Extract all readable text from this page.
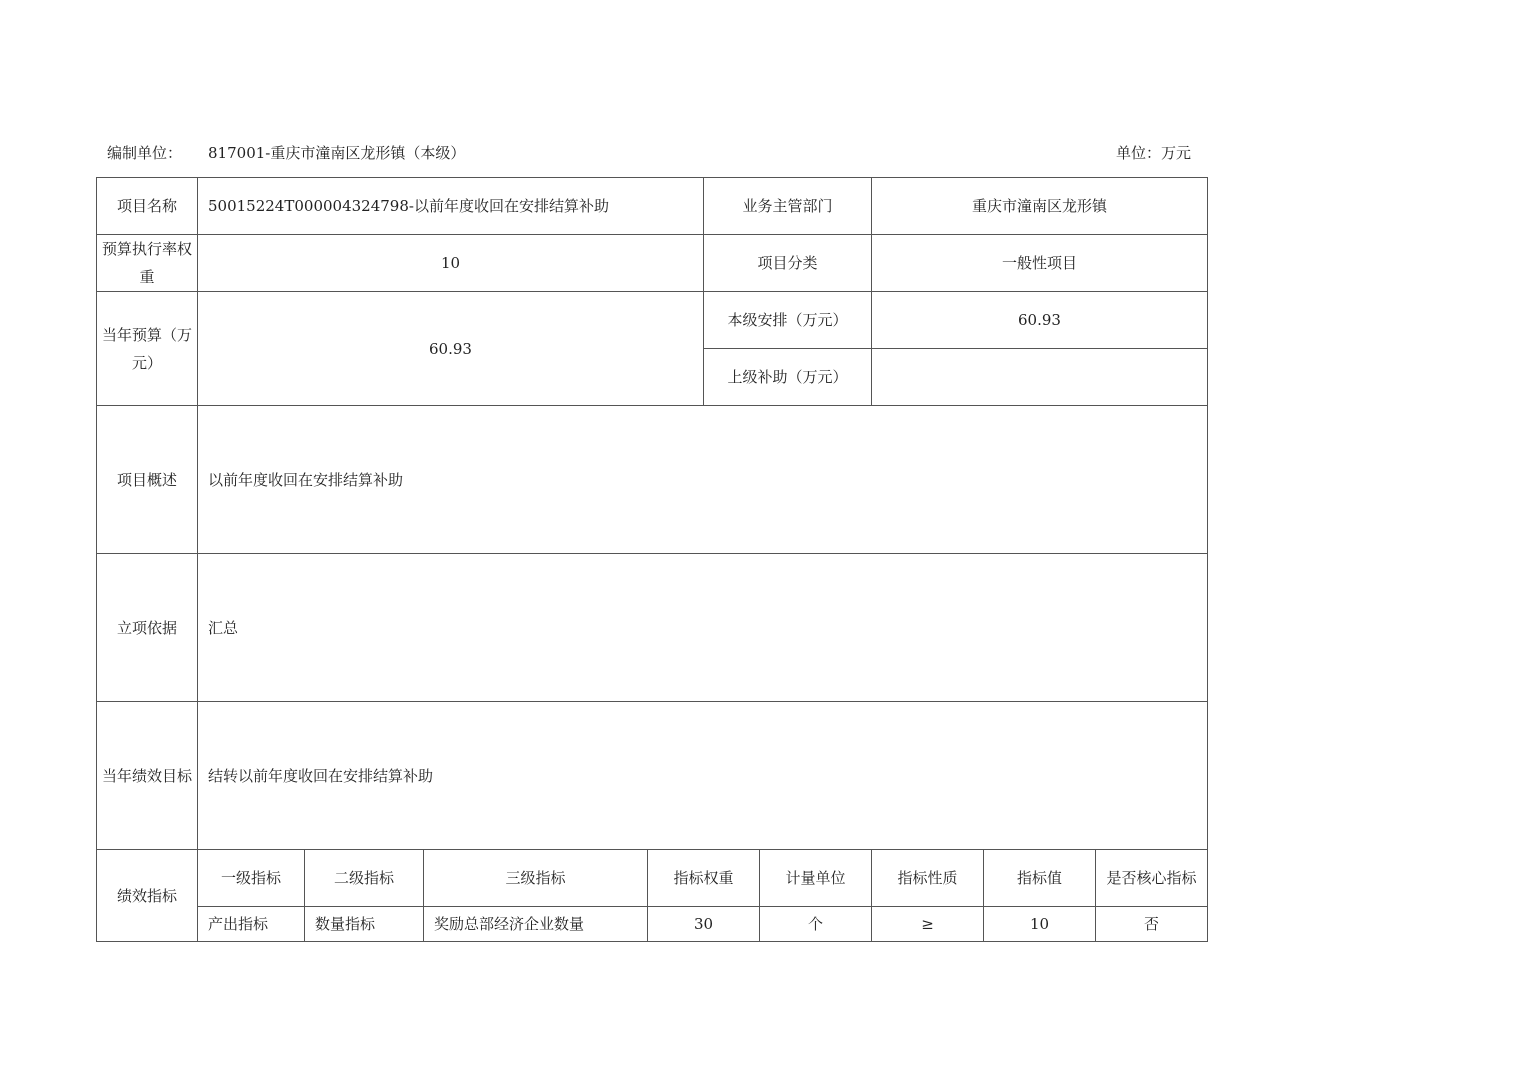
编制单位： 817001-重庆市潼南区龙形镇（本级）	单位：万元
项目名称	50015224T000004324798-以前年度收回在安排结算补助				业务主管部门		重庆市潼南区龙形镇		
预算执行率权重	10				项目分类		一般性项目		
当年预算（万元）	60.93				本级安排（万元）		60.93		
					上级补助（万元）				
项目概述	以前年度收回在安排结算补助								
立项依据	汇总								
当年绩效目标	结转以前年度收回在安排结算补助								
绩效指标	一级指标	二级指标	三级指标	指标权重		计量单位	指标性质	指标值	是否核心指标
	产出指标	数量指标	奖励总部经济企业数量	30		个	≥	10	否
